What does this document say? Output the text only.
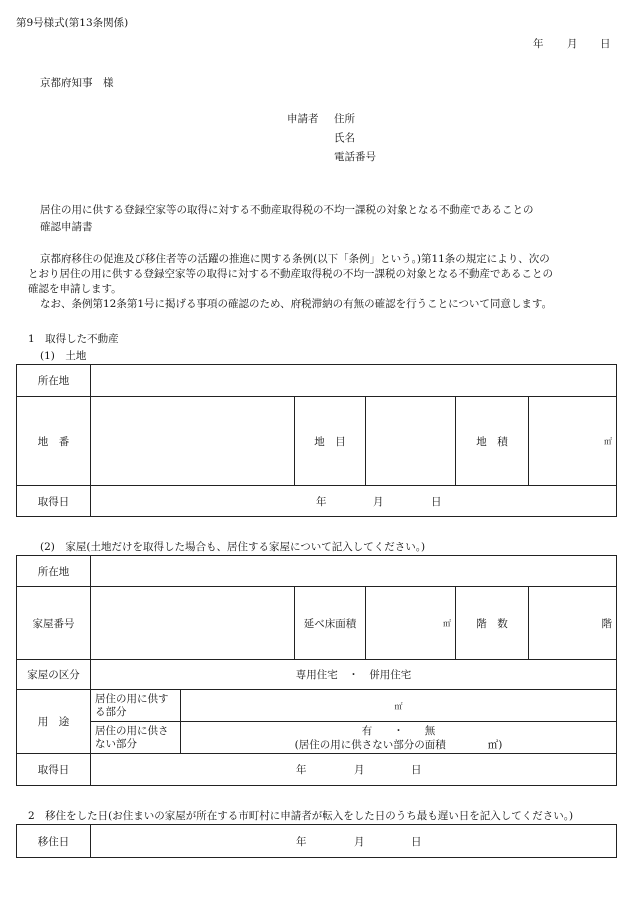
第9号様式(第13条関係)
年 月 日
京都府知事　様
申請者 住所
氏名
電話番号
居住の用に供する登録空家等の取得に対する不動産取得税の不均一課税の対象となる不動産であることの
確認申請書
京都府移住の促進及び移住者等の活躍の推進に関する条例(以下「条例」という。)第11条の規定により、次の
とおり居住の用に供する登録空家等の取得に対する不動産取得税の不均一課税の対象となる不動産であることの
確認を申請します。
なお、条例第12条第1号に掲げる事項の確認のため、府税滞納の有無の確認を行うことについて同意します。
1　取得した不動産
(1)　土地
所在地					
地　番		地　目		地　積	㎡
取得日	年 月 日				
(2)　家屋(土地だけを取得した場合も、居住する家屋について記入してください。)
所在地						
家屋番号			延べ床面積	㎡	階　数	階
家屋の区分	専用住宅　・　併用住宅					
用　途	居住の用に供する部分	㎡				
	居住の用に供さない部分	有　　・　　無
(居住の用に供さない部分の面積　　　　㎡)				

取得日	年 月 日					
2　移住をした日(お住まいの家屋が所在する市町村に申請者が転入をした日のうち最も遅い日を記入してください。)
移住日	年	月	日
